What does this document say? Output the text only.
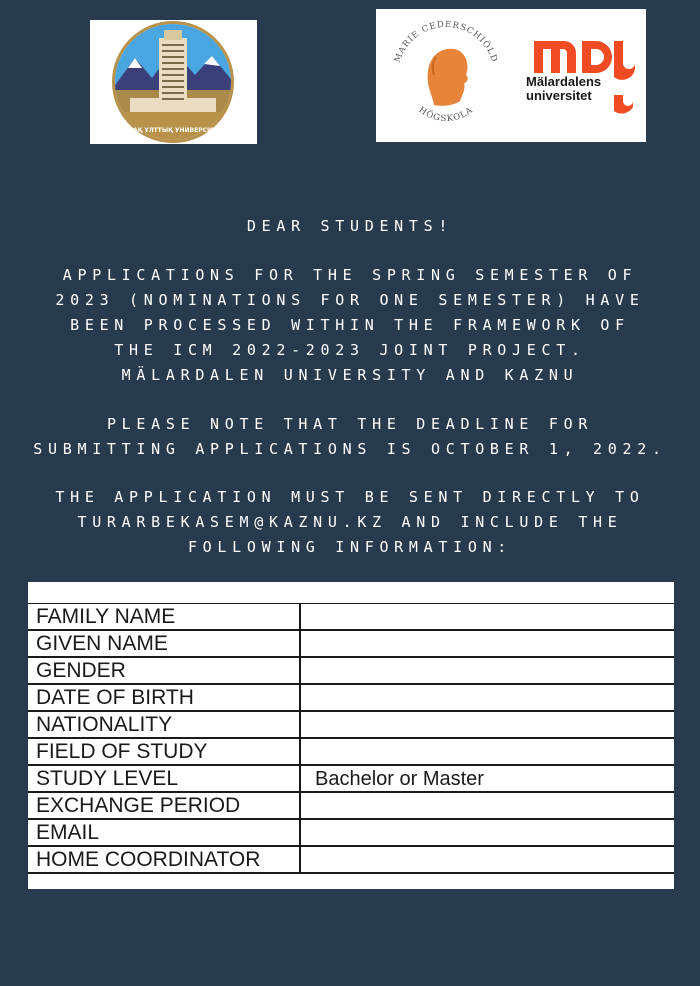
ҚАЗАҚ ҰЛТТЫҚ УНИВЕРСИТЕТІ
MARIE CEDERSCHIÖLD
HÖGSKOLA
Mälardalens
universitet
DEAR STUDENTS!
APPLICATIONS FOR THE SPRING SEMESTER OF
2023 (NOMINATIONS FOR ONE SEMESTER) HAVE
BEEN PROCESSED WITHIN THE FRAMEWORK OF
THE ICM 2022-2023 JOINT PROJECT.
MÄLARDALEN UNIVERSITY AND KAZNU
PLEASE NOTE THAT THE DEADLINE FOR
SUBMITTING APPLICATIONS IS OCTOBER 1, 2022.
THE APPLICATION MUST BE SENT DIRECTLY TO
TURARBEKASEM@KAZNU.KZ AND INCLUDE THE
FOLLOWING INFORMATION:
FAMILY NAME	
GIVEN NAME	
GENDER	
DATE OF BIRTH	
NATIONALITY	
FIELD OF STUDY	
STUDY LEVEL	Bachelor or Master
EXCHANGE PERIOD	
EMAIL	
HOME COORDINATOR	
